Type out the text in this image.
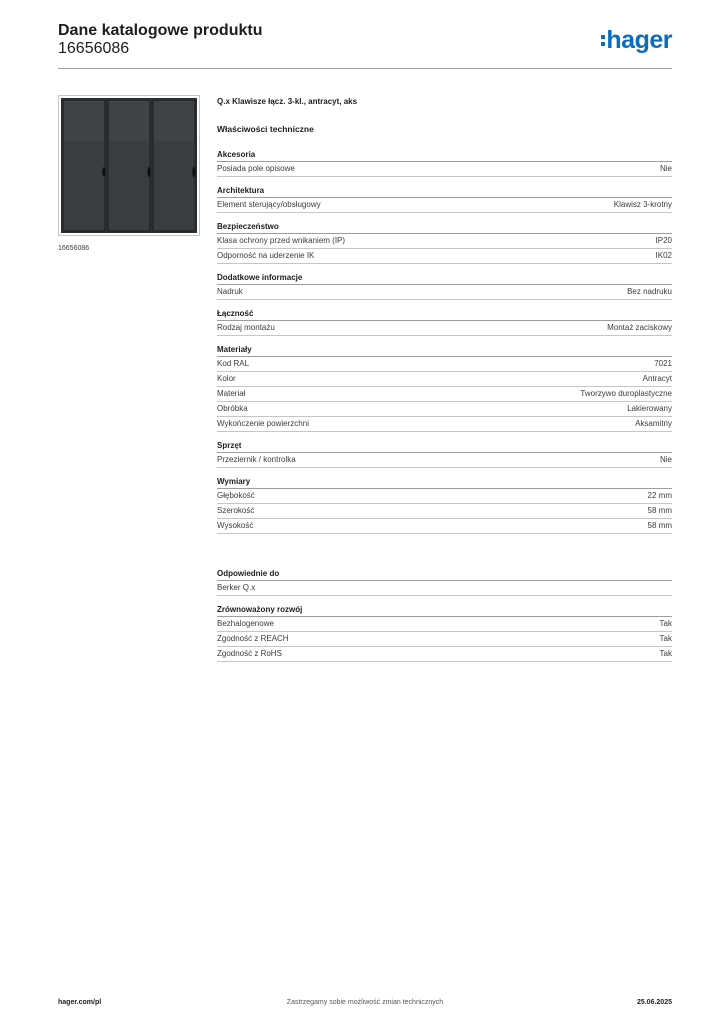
Dane katalogowe produktu
16656086	hager
16656086
Q.x Klawisze łącz. 3-kl., antracyt, aks
Właściwości techniczne
Akcesoria
Posiada pole opisowe	Nie
Architektura
Element sterujący/obsługowy	Klawisz 3-krotny
Bezpieczeństwo
Klasa ochrony przed wnikaniem (IP)	IP20
Odporność na uderzenie IK	IK02
Dodatkowe informacje
Nadruk	Bez nadruku
Łączność
Rodzaj montażu	Montaż zaciskowy
Materiały
Kod RAL	7021
Kolor	Antracyt
Materiał	Tworzywo duroplastyczne
Obróbka	Lakierowany
Wykończenie powierzchni	Aksamitny
Sprzęt
Przeziernik / kontrolka	Nie
Wymiary
Głębokość	22 mm
Szerokość	58 mm
Wysokość	58 mm
Odpowiednie do
Berker Q.x
Zrównoważony rozwój
Bezhalogenowe	Tak
Zgodność z REACH	Tak
Zgodność z RoHS	Tak
hager.com/pl	Zastrzegamy sobie możliwość zmian technicznych	25.06.2025
